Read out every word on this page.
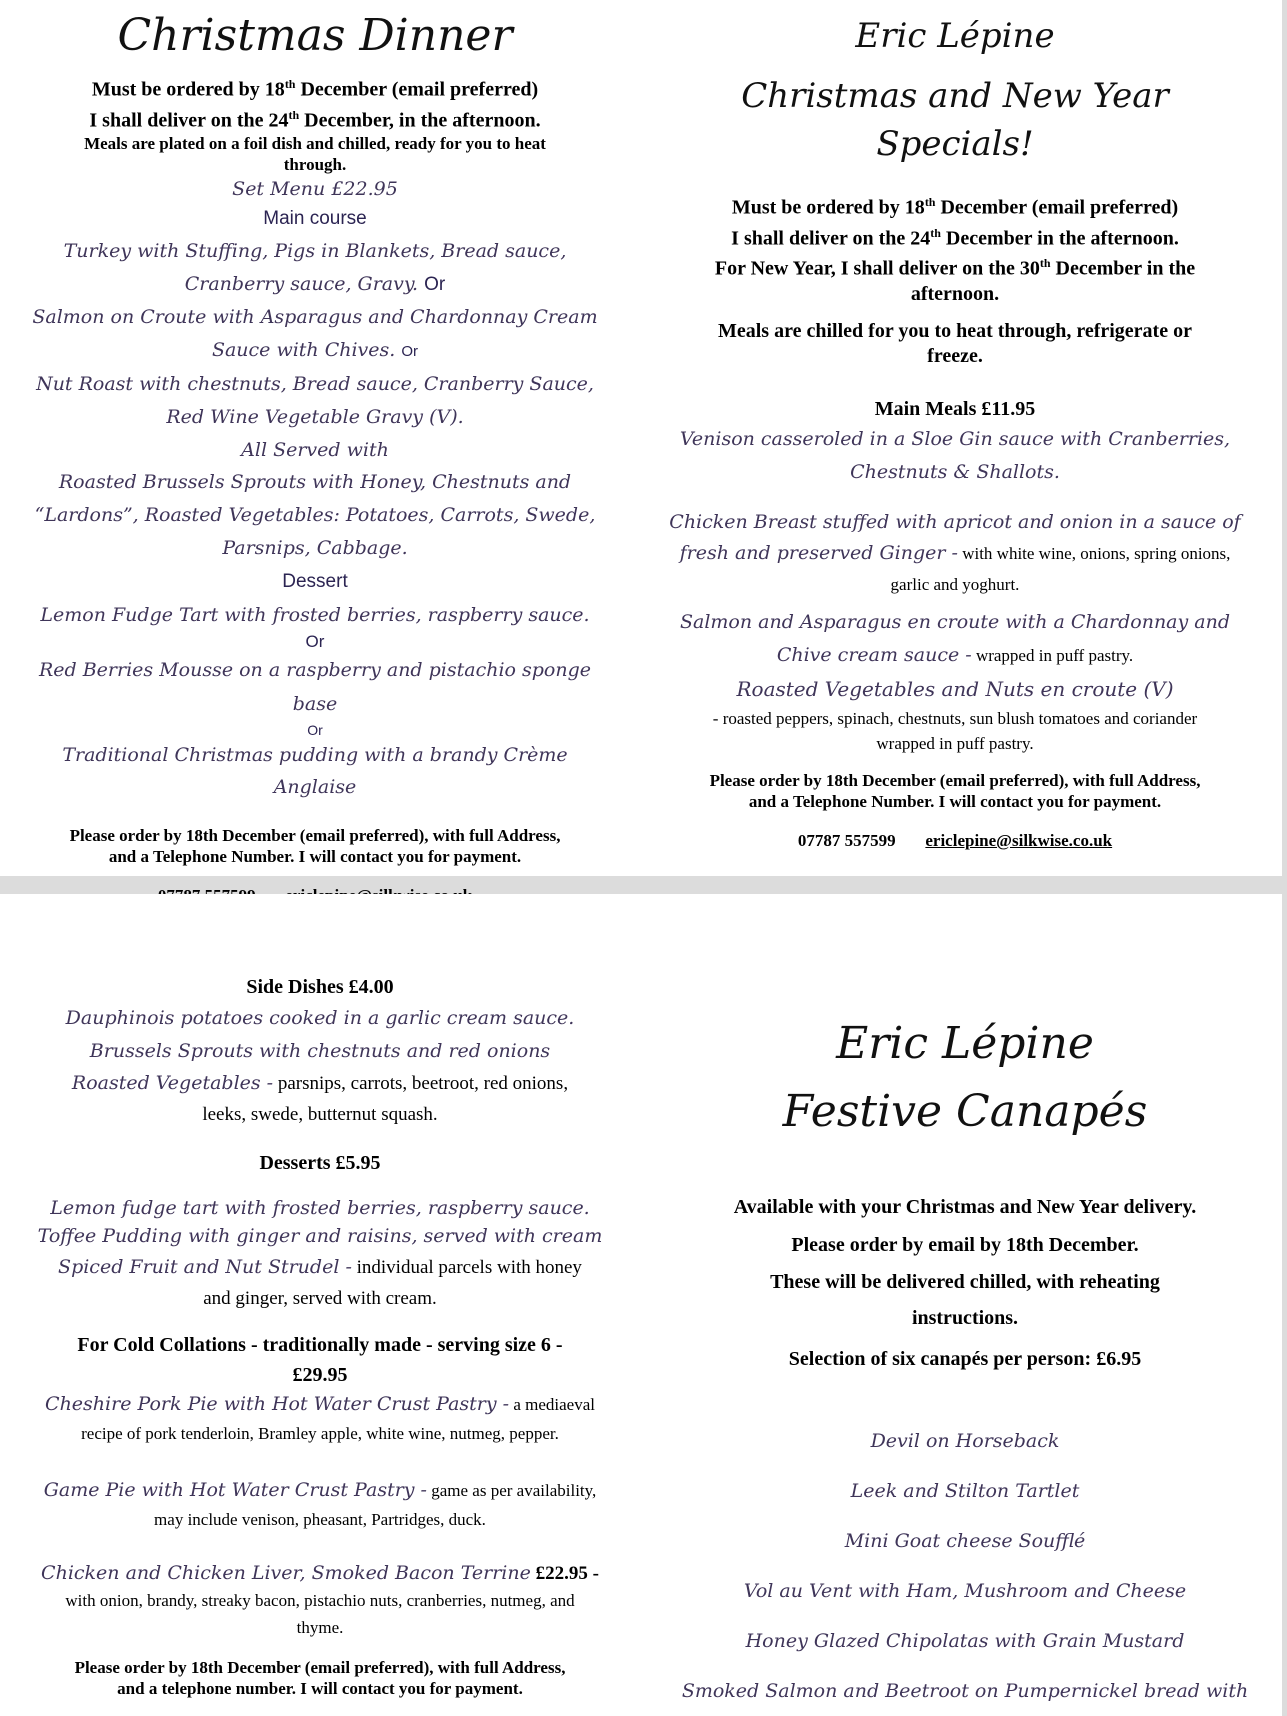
Christmas Dinner

Must be ordered by 18th December (email preferred)

I shall deliver on the 24th December, in the afternoon.

Meals are plated on a foil dish and chilled, ready for you to heat through.

Set Menu £22.95

Main course

Turkey with Stuffing, Pigs in Blankets, Bread sauce,
Cranberry sauce, Gravy. Or

Salmon on Croute with Asparagus and Chardonnay Cream
Sauce with Chives. Or

Nut Roast with chestnuts, Bread sauce, Cranberry Sauce,
Red Wine Vegetable Gravy (V).

All Served with

Roasted Brussels Sprouts with Honey, Chestnuts and
“Lardons”, Roasted Vegetables: Potatoes, Carrots, Swede,
Parsnips, Cabbage.

Dessert

Lemon Fudge Tart with frosted berries, raspberry sauce.

Or

Red Berries Mousse on a raspberry and pistachio sponge base

Or

Traditional Christmas pudding with a brandy Crème Anglaise

Please order by 18th December (email preferred), with full Address,
and a Telephone Number. I will contact you for payment.

Eric Lépine

Christmas and New Year Specials!

Must be ordered by 18th December (email preferred)

I shall deliver on the 24th December in the afternoon.

For New Year, I shall deliver on the 30th December in the
afternoon.

Meals are chilled for you to heat through, refrigerate or
freeze.

Main Meals £11.95

Venison casseroled in a Sloe Gin sauce with Cranberries,
Chestnuts & Shallots.

Chicken Breast stuffed with apricot and onion in a sauce of
fresh and preserved Ginger - with white wine, onions, spring onions,
garlic and yoghurt.

Salmon and Asparagus en croute with a Chardonnay and
Chive cream sauce - wrapped in puff pastry.

Roasted Vegetables and Nuts en croute (V)

- roasted peppers, spinach, chestnuts, sun blush tomatoes and coriander
wrapped in puff pastry.

Please order by 18th December (email preferred), with full Address,
and a Telephone Number. I will contact you for payment.

07787 557599 ericlepine@silkwise.co.uk

Side Dishes £4.00

Dauphinois potatoes cooked in a garlic cream sauce.

Brussels Sprouts with chestnuts and red onions

Roasted Vegetables - parsnips, carrots, beetroot, red onions,
leeks, swede, butternut squash.

Desserts £5.95

Lemon fudge tart with frosted berries, raspberry sauce.

Toffee Pudding with ginger and raisins, served with cream

Spiced Fruit and Nut Strudel - individual parcels with honey
and ginger, served with cream.

For Cold Collations - traditionally made - serving size 6 -
£29.95

Cheshire Pork Pie with Hot Water Crust Pastry - a mediaeval
recipe of pork tenderloin, Bramley apple, white wine, nutmeg, pepper.

Game Pie with Hot Water Crust Pastry - game as per availability,
may include venison, pheasant, Partridges, duck.

Chicken and Chicken Liver, Smoked Bacon Terrine £22.95 -
with onion, brandy, streaky bacon, pistachio nuts, cranberries, nutmeg, and
thyme.

Please order by 18th December (email preferred), with full Address,
and a telephone number. I will contact you for payment.

Eric Lépine

Festive Canapés

Available with your Christmas and New Year delivery.

Please order by email by 18th December.

These will be delivered chilled, with reheating
instructions.

Selection of six canapés per person: £6.95

Devil on Horseback

Leek and Stilton Tartlet

Mini Goat cheese Soufflé

Vol au Vent with Ham, Mushroom and Cheese

Honey Glazed Chipolatas with Grain Mustard

Smoked Salmon and Beetroot on Pumpernickel bread with
